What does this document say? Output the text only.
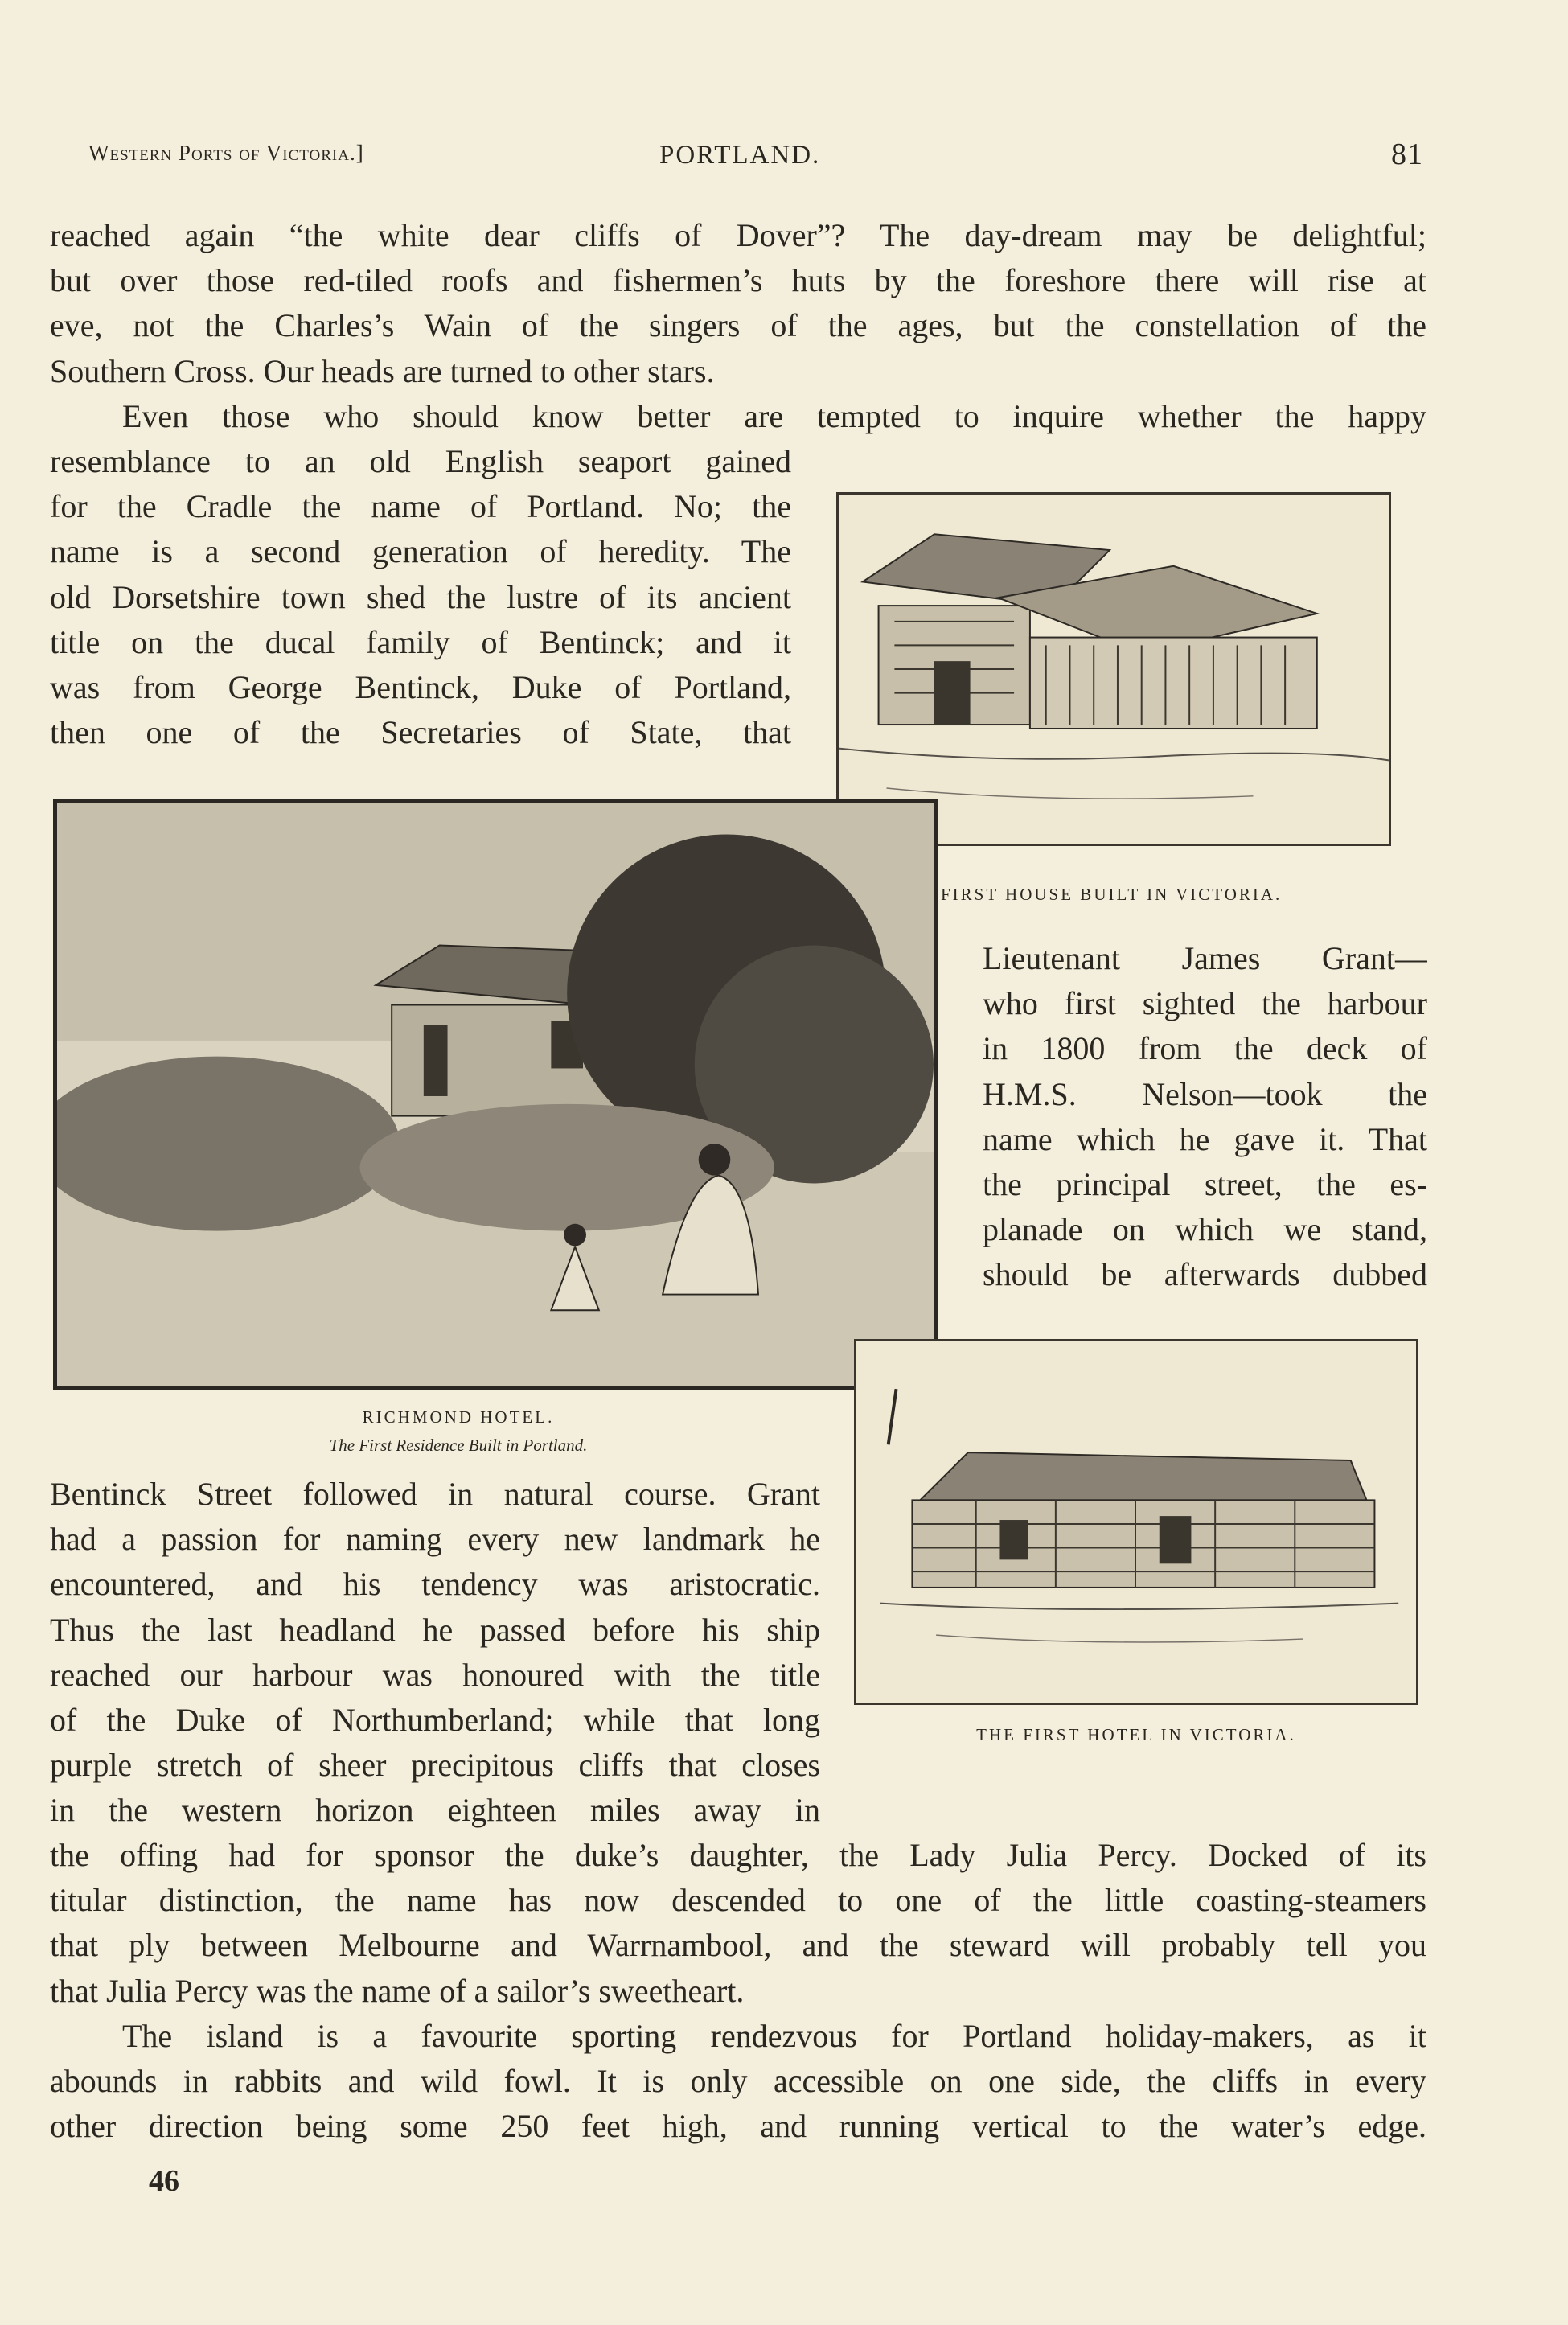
Western Ports of Victoria.]	PORTLAND.	81
reached again “the white dear cliffs of Dover”? The day-dream may be delightful;
but over those red-tiled roofs and fishermen’s huts by the foreshore there will rise at
eve, not the Charles’s Wain of the singers of the ages, but the constellation of the
Southern Cross. Our heads are turned to other stars.
Even those who should know better are tempted to inquire whether the happy
resemblance to an old English seaport gained
for the Cradle the name of Portland. No; the
name is a second generation of heredity. The
old Dorsetshire town shed the lustre of its ancient
title on the ducal family of Bentinck; and it
was from George Bentinck, Duke of Portland,
then one of the Secretaries of State, that
FIRST HOUSE BUILT IN VICTORIA.
Lieutenant James Grant—
who first sighted the harbour
in 1800 from the deck of
H.M.S. Nelson—took the
name which he gave it. That
the principal street, the es-
planade on which we stand,
should be afterwards dubbed
RICHMOND HOTEL.
The First Residence Built in Portland.
THE FIRST HOTEL IN VICTORIA.
Bentinck Street followed in natural course. Grant
had a passion for naming every new landmark he
encountered, and his tendency was aristocratic.
Thus the last headland he passed before his ship
reached our harbour was honoured with the title
of the Duke of Northumberland; while that long
purple stretch of sheer precipitous cliffs that closes
in the western horizon eighteen miles away in
the offing had for sponsor the duke’s daughter, the Lady Julia Percy. Docked of its
titular distinction, the name has now descended to one of the little coasting-steamers
that ply between Melbourne and Warrnambool, and the steward will probably tell you
that Julia Percy was the name of a sailor’s sweetheart.
The island is a favourite sporting rendezvous for Portland holiday-makers, as it
abounds in rabbits and wild fowl. It is only accessible on one side, the cliffs in every
other direction being some 250 feet high, and running vertical to the water’s edge.
46
